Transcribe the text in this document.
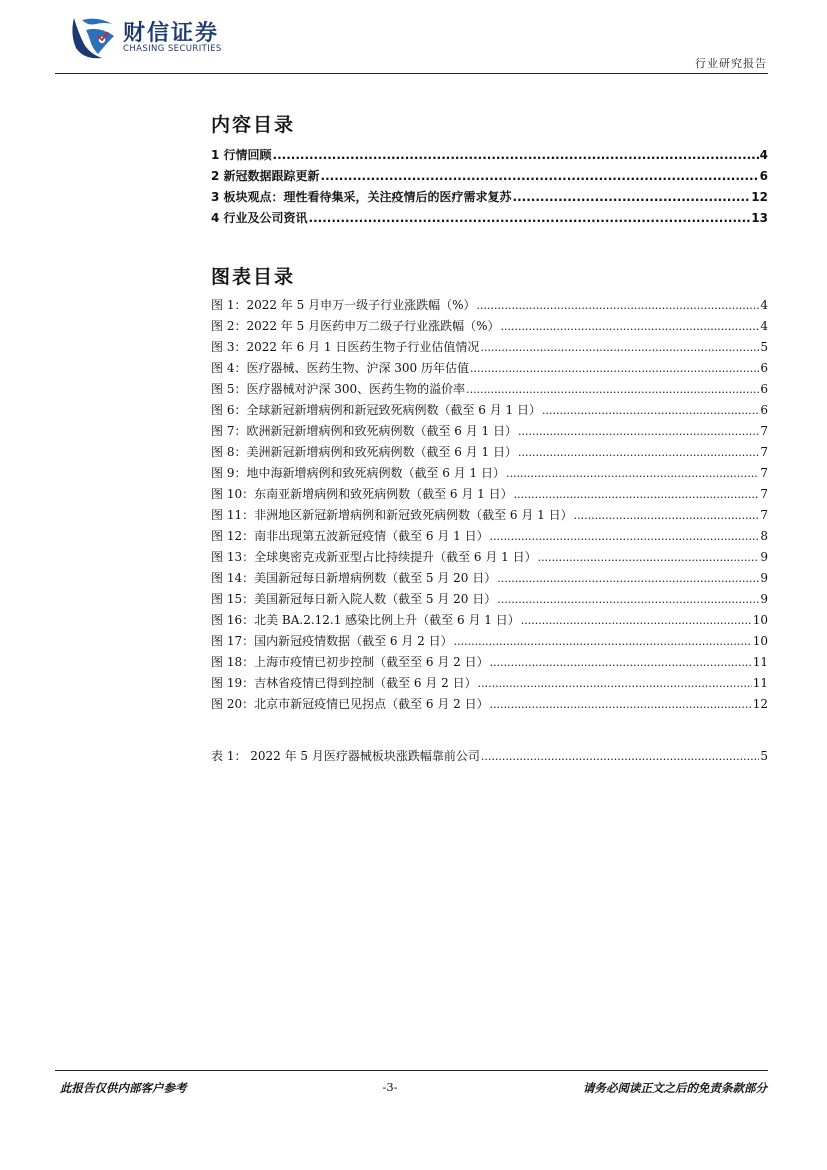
财信证券
CHASING SECURITIES
行业研究报告
内容目录
1 行情回顾 .....	4
2 新冠数据跟踪更新 .....	6
3 板块观点：理性看待集采，关注疫情后的医疗需求复苏 .....	12
4 行业及公司资讯 .....	13
图表目录
图 1：2022 年 5 月申万一级子行业涨跌幅（%） .....	4
图 2：2022 年 5 月医药申万二级子行业涨跌幅（%） .....	4
图 3：2022 年 6 月 1 日医药生物子行业估值情况 .....	5
图 4：医疗器械、医药生物、沪深 300 历年估值 .....	6
图 5：医疗器械对沪深 300、医药生物的溢价率 .....	6
图 6：全球新冠新增病例和新冠致死病例数（截至 6 月 1 日） .....	6
图 7：欧洲新冠新增病例和致死病例数（截至 6 月 1 日） .....	7
图 8：美洲新冠新增病例和致死病例数（截至 6 月 1 日） .....	7
图 9：地中海新增病例和致死病例数（截至 6 月 1 日） .....	7
图 10：东南亚新增病例和致死病例数（截至 6 月 1 日） .....	7
图 11：非洲地区新冠新增病例和新冠致死病例数（截至 6 月 1 日） .....	7
图 12：南非出现第五波新冠疫情（截至 6 月 1 日） .....	8
图 13：全球奥密克戎新亚型占比持续提升（截至 6 月 1 日） .....	9
图 14：美国新冠每日新增病例数（截至 5 月 20 日） .....	9
图 15：美国新冠每日新入院人数（截至 5 月 20 日） .....	9
图 16：北美 BA.2.12.1 感染比例上升（截至 6 月 1 日） .....	10
图 17：国内新冠疫情数据（截至 6 月 2 日） .....	10
图 18：上海市疫情已初步控制（截至至 6 月 2 日） .....	11
图 19：吉林省疫情已得到控制（截至 6 月 2 日） .....	11
图 20：北京市新冠疫情已见拐点（截至 6 月 2 日） .....	12
表 1： 2022 年 5 月医疗器械板块涨跌幅靠前公司 .....	5
此报告仅供内部客户参考	-3-	请务必阅读正文之后的免责条款部分
